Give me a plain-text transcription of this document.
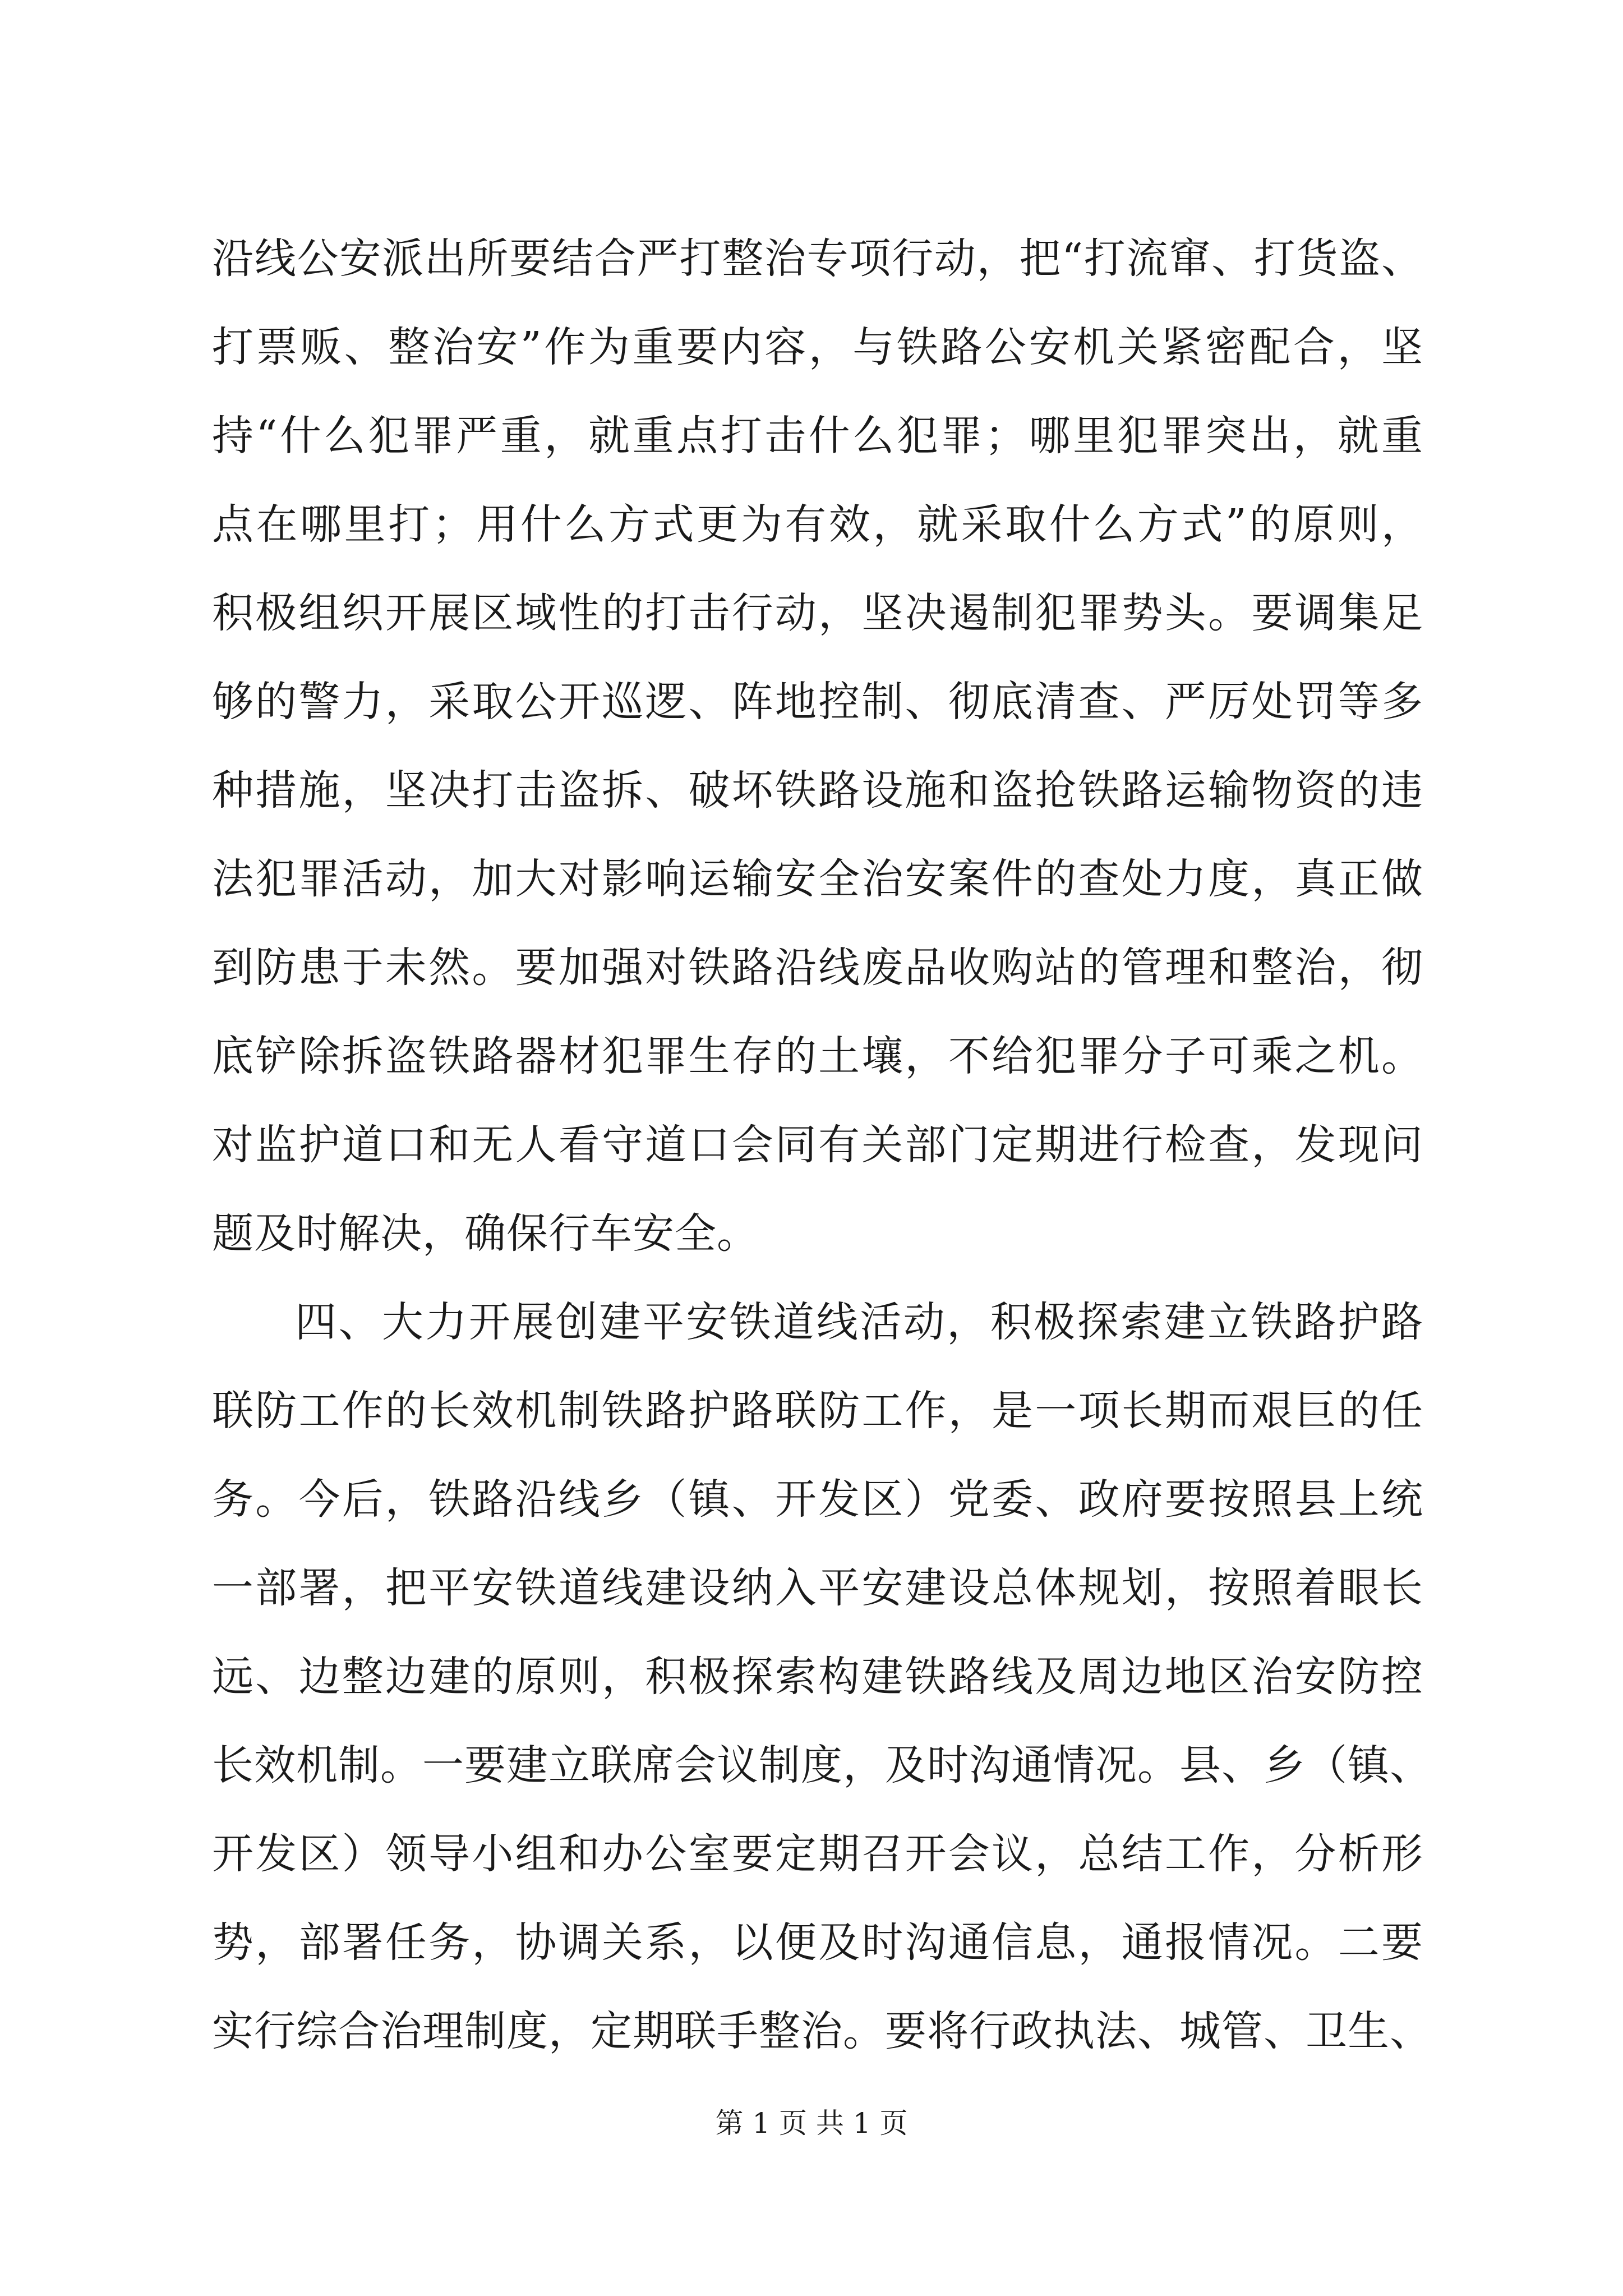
沿线公安派出所要结合严打整治专项行动，把“打流窜、打货盗、
打票贩、整治安”作为重要内容，与铁路公安机关紧密配合，坚
持“什么犯罪严重，就重点打击什么犯罪；哪里犯罪突出，就重
点在哪里打；用什么方式更为有效，就采取什么方式”的原则，
积极组织开展区域性的打击行动，坚决遏制犯罪势头。要调集足
够的警力，采取公开巡逻、阵地控制、彻底清查、严厉处罚等多
种措施，坚决打击盗拆、破坏铁路设施和盗抢铁路运输物资的违
法犯罪活动，加大对影响运输安全治安案件的查处力度，真正做
到防患于未然。要加强对铁路沿线废品收购站的管理和整治，彻
底铲除拆盗铁路器材犯罪生存的土壤，不给犯罪分子可乘之机。
对监护道口和无人看守道口会同有关部门定期进行检查，发现问
题及时解决，确保行车安全。
四、大力开展创建平安铁道线活动，积极探索建立铁路护路
联防工作的长效机制铁路护路联防工作，是一项长期而艰巨的任
务。今后，铁路沿线乡（镇、开发区）党委、政府要按照县上统
一部署，把平安铁道线建设纳入平安建设总体规划，按照着眼长
远、边整边建的原则，积极探索构建铁路线及周边地区治安防控
长效机制。一要建立联席会议制度，及时沟通情况。县、乡（镇、
开发区）领导小组和办公室要定期召开会议，总结工作，分析形
势，部署任务，协调关系，以便及时沟通信息，通报情况。二要
实行综合治理制度，定期联手整治。要将行政执法、城管、卫生、
第 1 页 共 1 页
